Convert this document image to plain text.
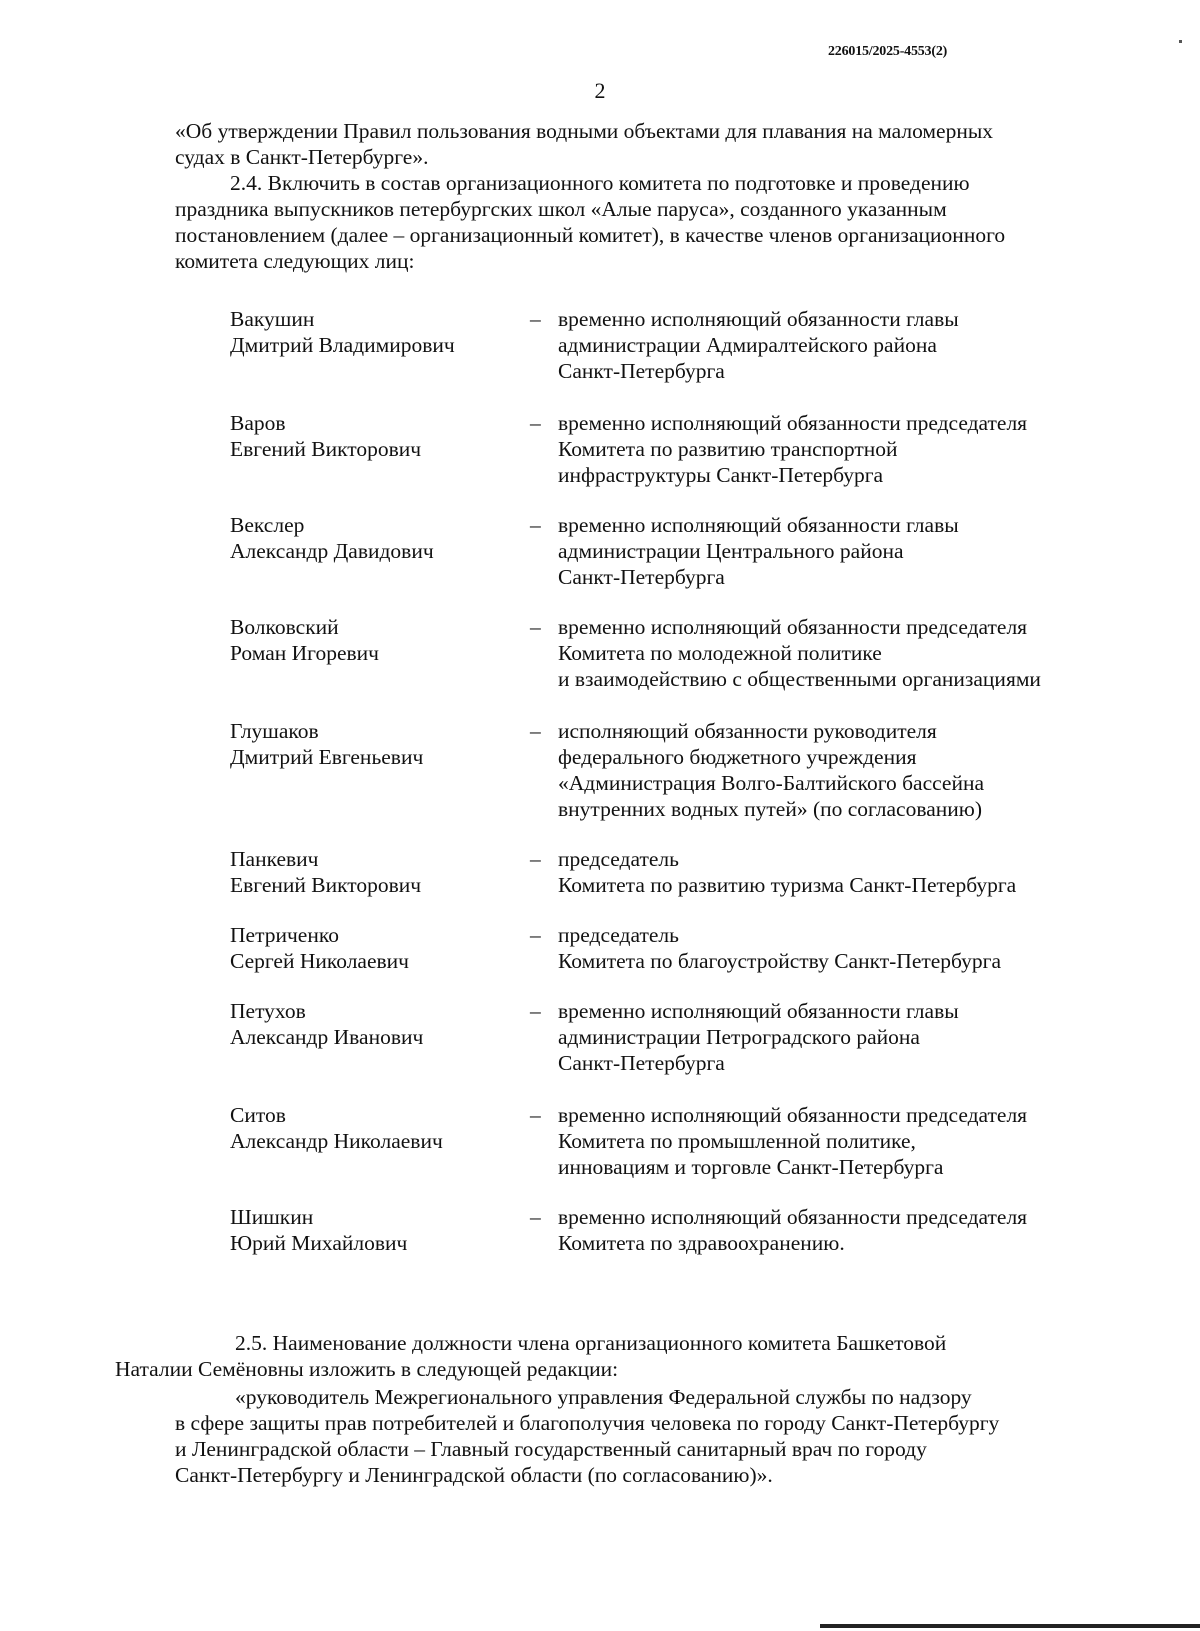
226015/2025-4553(2)
2
«Об утверждении Правил пользования водными объектами для плавания на маломерных
судах в Санкт-Петербурге».
2.4. Включить в состав организационного комитета по подготовке и проведению
праздника выпускников петербургских школ «Алые паруса», созданного указанным
постановлением (далее – организационный комитет), в качестве членов организационного
комитета следующих лиц:
Вакушин
Дмитрий Владимирович
– временно исполняющий обязанности главы
администрации Адмиралтейского района
Санкт-Петербурга
Варов
Евгений Викторович
– временно исполняющий обязанности председателя
Комитета по развитию транспортной
инфраструктуры Санкт-Петербурга
Векслер
Александр Давидович
– временно исполняющий обязанности главы
администрации Центрального района
Санкт-Петербурга
Волковский
Роман Игоревич
– временно исполняющий обязанности председателя
Комитета по молодежной политике
и взаимодействию с общественными организациями
Глушаков
Дмитрий Евгеньевич
– исполняющий обязанности руководителя
федерального бюджетного учреждения
«Администрация Волго-Балтийского бассейна
внутренних водных путей» (по согласованию)
Панкевич
Евгений Викторович
– председатель
Комитета по развитию туризма Санкт-Петербурга
Петриченко
Сергей Николаевич
– председатель
Комитета по благоустройству Санкт-Петербурга
Петухов
Александр Иванович
– временно исполняющий обязанности главы
администрации Петроградского района
Санкт-Петербурга
Ситов
Александр Николаевич
– временно исполняющий обязанности председателя
Комитета по промышленной политике,
инновациям и торговле Санкт-Петербурга
Шишкин
Юрий Михайлович
– временно исполняющий обязанности председателя
Комитета по здравоохранению.
2.5. Наименование должности члена организационного комитета Башкетовой
Наталии Семёновны изложить в следующей редакции:
«руководитель Межрегионального управления Федеральной службы по надзору
в сфере защиты прав потребителей и благополучия человека по городу Санкт-Петербургу
и Ленинградской области – Главный государственный санитарный врач по городу
Санкт-Петербургу и Ленинградской области (по согласованию)».
